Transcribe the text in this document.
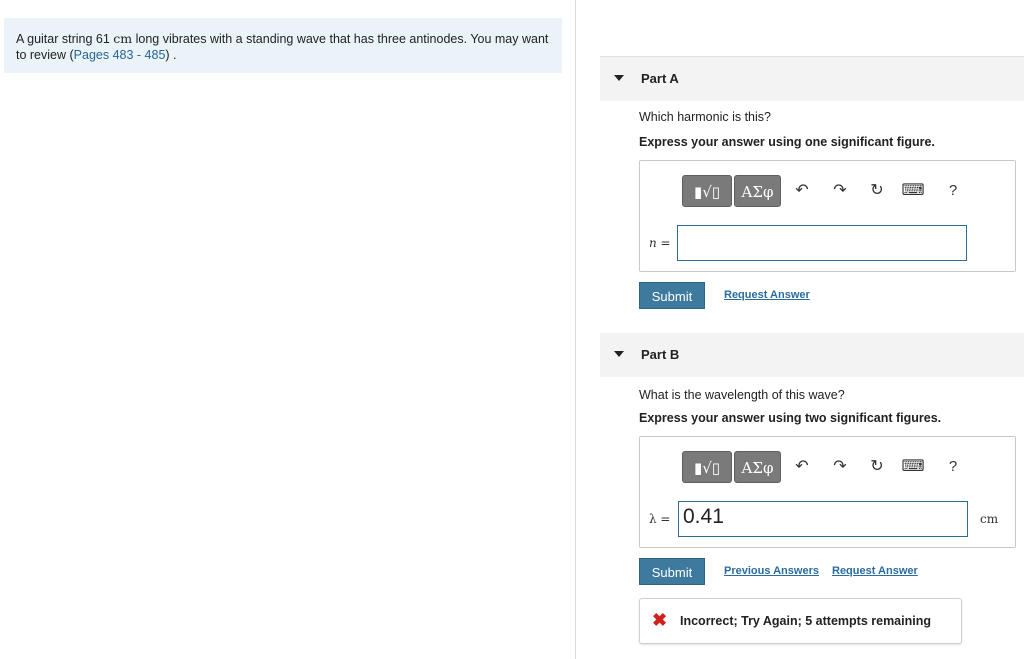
A guitar string 61 cm long vibrates with a standing wave that has three antinodes. You may want to review (Pages 483 - 485) .
Part A
Which harmonic is this?
Express your answer using one significant figure.
▮√▯	ΑΣφ	↶	↷	↻	⌨	?
n =
Submit	Request Answer
Part B
What is the wavelength of this wave?
Express your answer using two significant figures.
▮√▯	ΑΣφ	↶	↷	↻	⌨	?
λ = 0.41	cm
Submit	Previous Answers Request Answer
✖ Incorrect; Try Again; 5 attempts remaining
